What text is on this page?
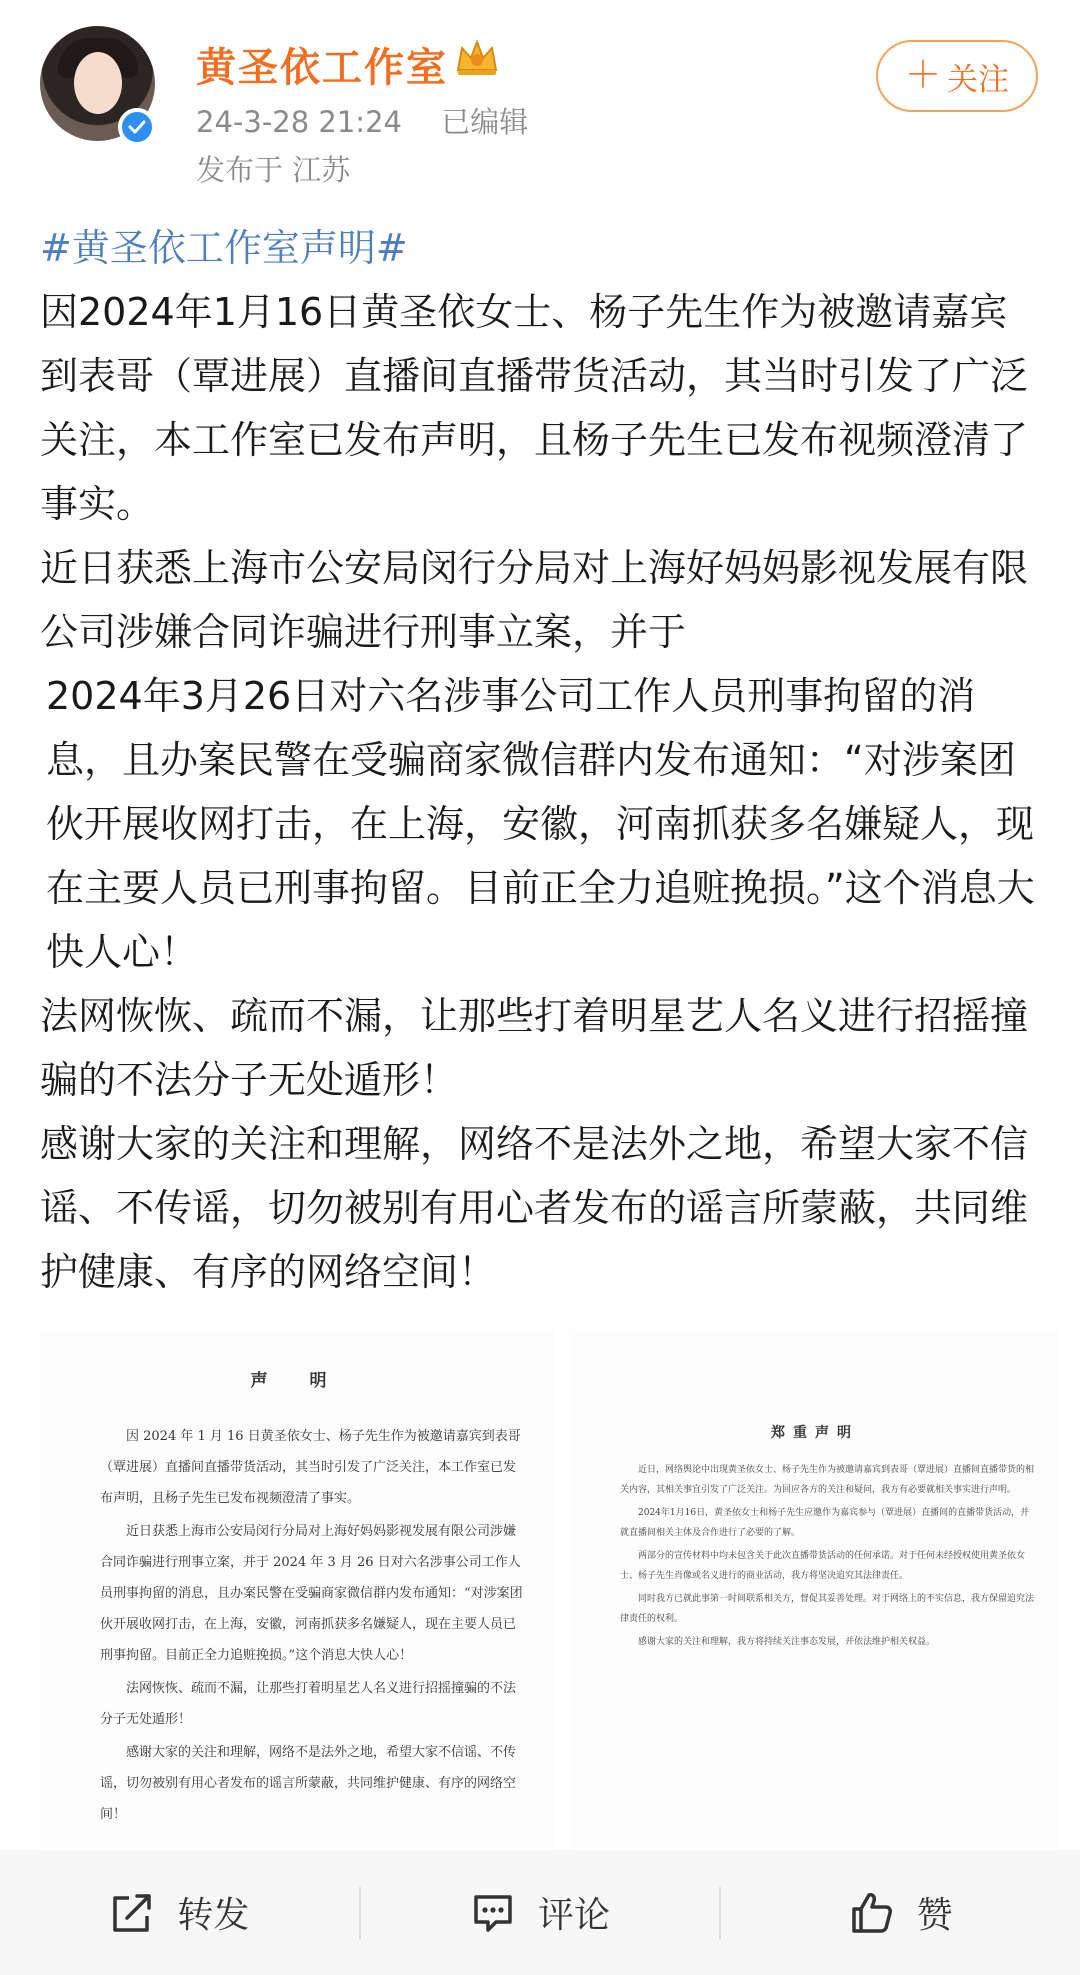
黄圣依工作室
24-3-28 21:24 已编辑
发布于 江苏
＋ 关注

#黄圣依工作室声明#

因2024年1月16日黄圣依女士、杨子先生作为被邀请嘉宾到表哥（覃进展）直播间直播带货活动，其当时引发了广泛关注，本工作室已发布声明，且杨子先生已发布视频澄清了事实。

近日获悉上海市公安局闵行分局对上海好妈妈影视发展有限公司涉嫌合同诈骗进行刑事立案，并于

2024年3月26日对六名涉事公司工作人员刑事拘留的消息，且办案民警在受骗商家微信群内发布通知：“对涉案团伙开展收网打击，在上海，安徽，河南抓获多名嫌疑人，现在主要人员已刑事拘留。目前正全力追赃挽损。”这个消息大快人心！

法网恢恢、疏而不漏，让那些打着明星艺人名义进行招摇撞骗的不法分子无处遁形！

感谢大家的关注和理解，网络不是法外之地，希望大家不信谣、不传谣，切勿被别有用心者发布的谣言所蒙蔽，共同维护健康、有序的网络空间！

声 明

因 2024 年 1 月 16 日黄圣依女士、杨子先生作为被邀请嘉宾到表哥（覃进展）直播间直播带货活动，其当时引发了广泛关注，本工作室已发布声明，且杨子先生已发布视频澄清了事实。

近日获悉上海市公安局闵行分局对上海好妈妈影视发展有限公司涉嫌合同诈骗进行刑事立案，并于 2024 年 3 月 26 日对六名涉事公司工作人员刑事拘留的消息，且办案民警在受骗商家微信群内发布通知：“对涉案团伙开展收网打击，在上海，安徽，河南抓获多名嫌疑人，现在主要人员已刑事拘留。目前正全力追赃挽损。”这个消息大快人心！

法网恢恢、疏而不漏，让那些打着明星艺人名义进行招摇撞骗的不法分子无处遁形！

感谢大家的关注和理解，网络不是法外之地，希望大家不信谣、不传谣，切勿被别有用心者发布的谣言所蒙蔽，共同维护健康、有序的网络空间！

郑重声明

近日，网络舆论中出现黄圣依女士、杨子先生作为被邀请嘉宾到表哥（覃进展）直播间直播带货的相关内容，其相关事宜引发了广泛关注。为回应各方的关注和疑问，我方有必要就相关事实进行声明。

2024年1月16日，黄圣依女士和杨子先生应邀作为嘉宾参与（覃进展）直播间的直播带货活动，并就直播间相关主体及合作进行了必要的了解。

两部分的宣传材料中均未包含关于此次直播带货活动的任何承诺。对于任何未经授权使用黄圣依女士、杨子先生肖像或名义进行的商业活动，我方将坚决追究其法律责任。

同时我方已就此事第一时间联系相关方，督促其妥善处理。对于网络上的不实信息，我方保留追究法律责任的权利。

感谢大家的关注和理解，我方将持续关注事态发展，并依法维护相关权益。

转发	评论	赞
